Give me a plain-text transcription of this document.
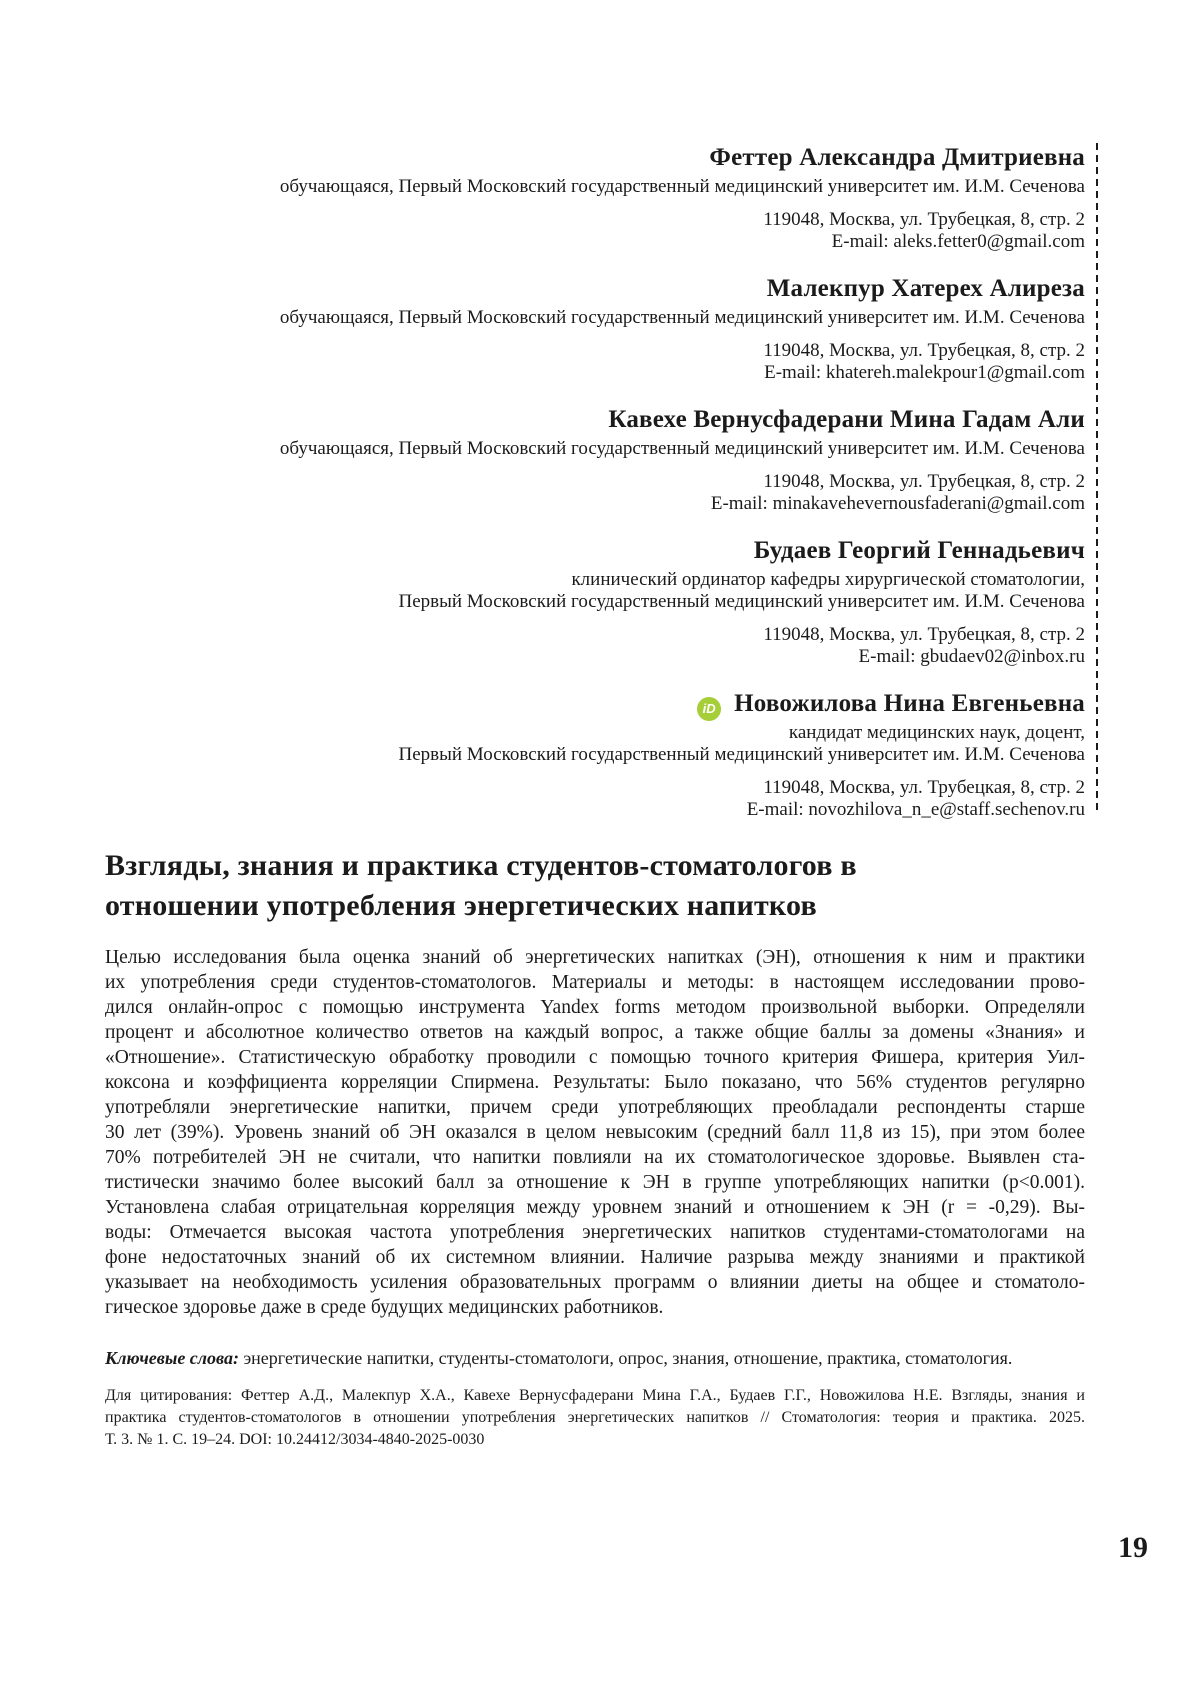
Феттер Александра Дмитриевна
обучающаяся, Первый Московский государственный медицинский университет им. И.М. Сеченова
119048, Москва, ул. Трубецкая, 8, стр. 2
E-mail: aleks.fetter0@gmail.com
Малекпур Хатерех Алиреза
обучающаяся, Первый Московский государственный медицинский университет им. И.М. Сеченова
119048, Москва, ул. Трубецкая, 8, стр. 2
E-mail: khatereh.malekpour1@gmail.com
Кавехе Вернусфадерани Мина Гадам Али
обучающаяся, Первый Московский государственный медицинский университет им. И.М. Сеченова
119048, Москва, ул. Трубецкая, 8, стр. 2
E-mail: minakavehevernousfaderani@gmail.com
Будаев Георгий Геннадьевич
клинический ординатор кафедры хирургической стоматологии,
Первый Московский государственный медицинский университет им. И.М. Сеченова
119048, Москва, ул. Трубецкая, 8, стр. 2
E-mail: gbudaev02@inbox.ru
iD Новожилова Нина Евгеньевна
кандидат медицинских наук, доцент,
Первый Московский государственный медицинский университет им. И.М. Сеченова
119048, Москва, ул. Трубецкая, 8, стр. 2
E-mail: novozhilova_n_e@staff.sechenov.ru
Взгляды, знания и практика студентов-стоматологов в
отношении употребления энергетических напитков
Целью исследования была оценка знаний об энергетических напитках (ЭН), отношения к ним и практики
их употребления среди студентов-стоматологов. Материалы и методы: в настоящем исследовании прово-
дился онлайн-опрос с помощью инструмента Yandex forms методом произвольной выборки. Определяли
процент и абсолютное количество ответов на каждый вопрос, а также общие баллы за домены «Знания» и
«Отношение». Статистическую обработку проводили с помощью точного критерия Фишера, критерия Уил-
коксона и коэффициента корреляции Спирмена. Результаты: Было показано, что 56% студентов регулярно
употребляли энергетические напитки, причем среди употребляющих преобладали респонденты старше
30 лет (39%). Уровень знаний об ЭН оказался в целом невысоким (средний балл 11,8 из 15), при этом более
70% потребителей ЭН не считали, что напитки повлияли на их стоматологическое здоровье. Выявлен ста-
тистически значимо более высокий балл за отношение к ЭН в группе употребляющих напитки (p<0.001).
Установлена слабая отрицательная корреляция между уровнем знаний и отношением к ЭН (r = -0,29). Вы-
воды: Отмечается высокая частота употребления энергетических напитков студентами-стоматологами на
фоне недостаточных знаний об их системном влиянии. Наличие разрыва между знаниями и практикой
указывает на необходимость усиления образовательных программ о влиянии диеты на общее и стоматоло-
гическое здоровье даже в среде будущих медицинских работников.

Ключевые слова: энергетические напитки, студенты-стоматологи, опрос, знания, отношение, практика, стоматология.

Для цитирования: Феттер А.Д., Малекпур Х.А., Кавехе Вернусфадерани Мина Г.А., Будаев Г.Г., Новожилова Н.Е. Взгляды, знания и
практика студентов-стоматологов в отношении употребления энергетических напитков // Стоматология: теория и практика. 2025.
Т. 3. № 1. С. 19–24. DOI: 10.24412/3034-4840-2025-0030
19
